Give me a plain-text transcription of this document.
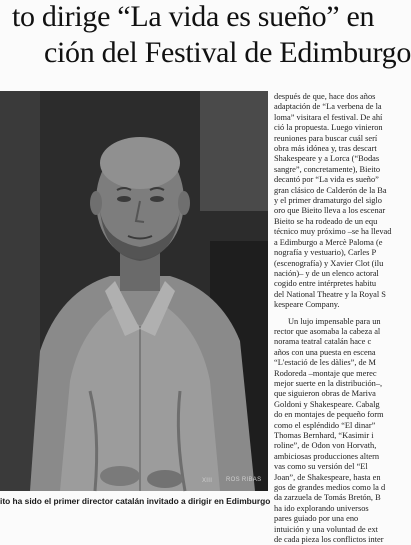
to dirige “La vida es sueño” en
ción del Festival de Edimburgo
XIII ROS RIBAS
ito ha sido el primer director catalán invitado a dirigir en Edimburgo

después de que, hace dos años
adaptación de “La verbena de la
loma” visitara el festival. De ahí
ció la propuesta. Luego vinieron
reuniones para buscar cuál serí
obra más idónea y, tras descart
Shakespeare y a Lorca (“Bodas
sangre”, concretamente), Bieito
decantó por “La vida es sueño”
gran clásico de Calderón de la Ba
y el primer dramaturgo del siglo
oro que Bieito lleva a los escenar
Bieito se ha rodeado de un equ
técnico muy próximo –se ha llevad
a Edimburgo a Mercè Paloma (e
nografía y vestuario), Carles P
(escenografía) y Xavier Clot (ilu
nación)– y de un elenco actoral
cogido entre intérpretes habitu
del National Theatre y la Royal S
kespeare Company.

Un lujo impensable para un
rector que asomaba la cabeza al
norama teatral catalán hace c
años con una puesta en escena
“L'estació de les dàlies”, de M
Rodoreda –montaje que merec
mejor suerte en la distribución–,
que siguieron obras de Mariva
Goldoni y Shakespeare. Cabalg
do en montajes de pequeño form
como el espléndido “El dinar”
Thomas Bernhard, “Kasimir i
roline”, de Odon von Horvath,
ambiciosas producciones altern
vas como su versión del “El
Joan”, de Shakespeare, hasta en
gos de grandes medios como la d
da zarzuela de Tomás Bretón, B
ha ido explorando universos
pares guiado por una eno
intuición y una voluntad de ext
de cada pieza los conflictos inter
